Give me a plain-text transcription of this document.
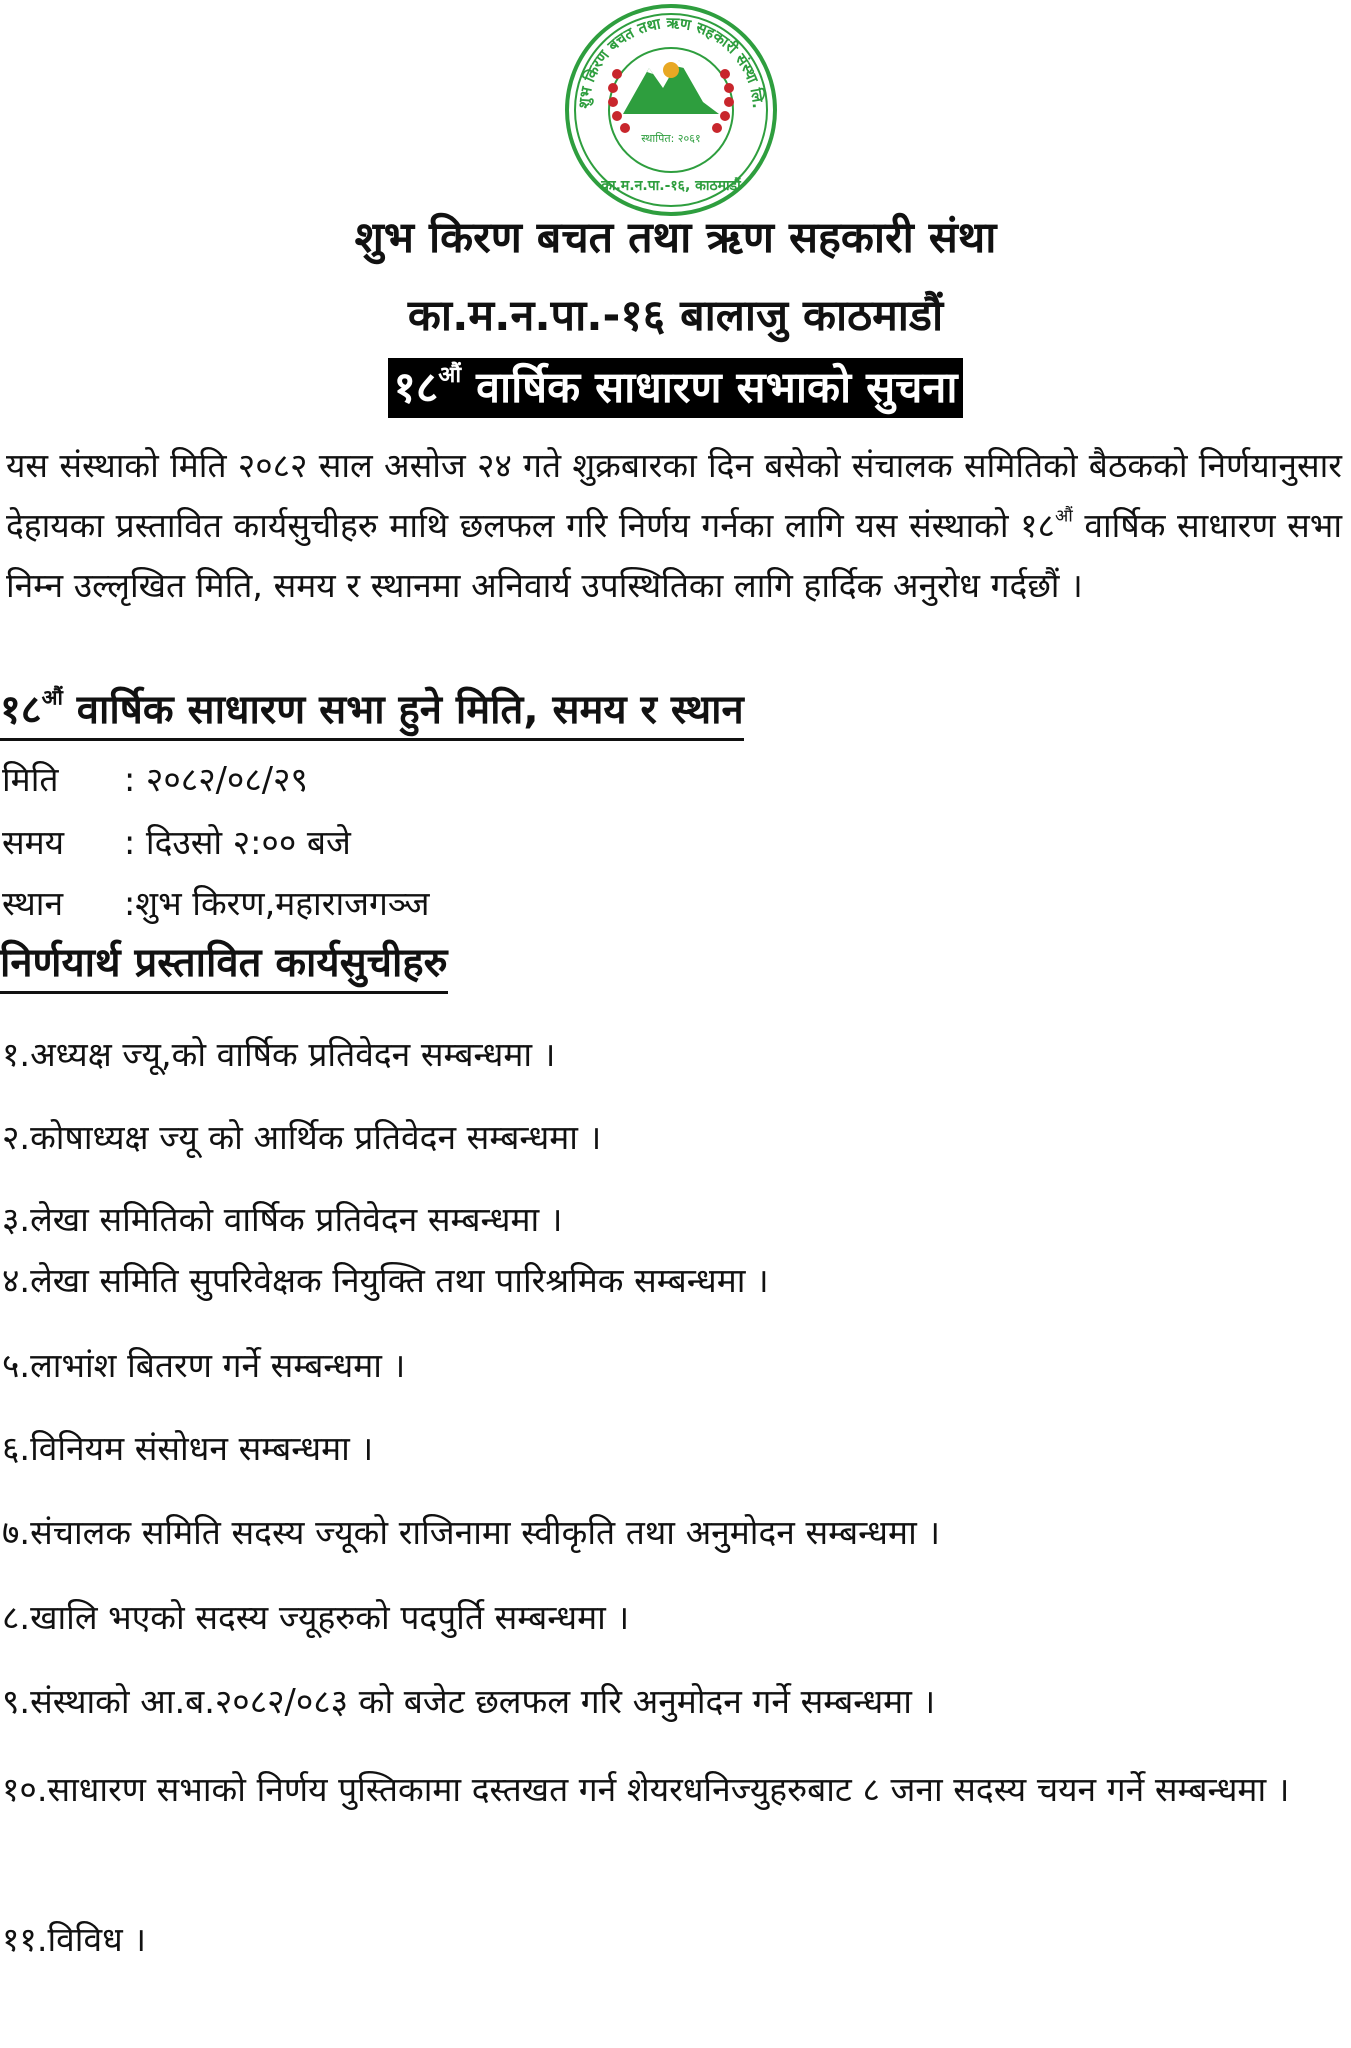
शुभ किरण बचत तथा ऋण सहकारी संस्था लि.
स्थापित: २०६१
का.म.न.पा.-१६, काठमाडौं
शुभ किरण बचत तथा ऋण सहकारी संथा
का.म.न.पा.-१६ बालाजु काठमाडौं
$१८^{औं}$ वार्षिक साधारण सभाको सुचना
यस संस्थाको मिति २०८२ साल असोज २४ गते शुक्रबारका दिन बसेको संचालक समितिको बैठकको निर्णयानुसार देहायका प्रस्तावित कार्यसुचीहरु माथि छलफल गरि निर्णय गर्नका लागि यस संस्थाको $१८^{औं}$ वार्षिक साधारण सभा निम्न उल्लृखित मिति, समय र स्थानमा अनिवार्य उपस्थितिका लागि हार्दिक अनुरोध गर्दछौं ।
$१८^{औं}$ वार्षिक साधारण सभा हुने मिति, समय र स्थान
मिति : २०८२/०८/२९
समय : दिउसो २:०० बजे
स्थान :शुभ किरण,महाराजगञ्ज
निर्णयार्थ प्रस्तावित कार्यसुचीहरु
१.अध्यक्ष ज्यू,को वार्षिक प्रतिवेदन सम्बन्धमा ।
२.कोषाध्यक्ष ज्यू को आर्थिक प्रतिवेदन सम्बन्धमा ।
३.लेखा समितिको वार्षिक प्रतिवेदन सम्बन्धमा ।
४.लेखा समिति सुपरिवेक्षक नियुक्ति तथा पारिश्रमिक सम्बन्धमा ।
५.लाभांश बितरण गर्ने सम्बन्धमा ।
६.विनियम संसोधन सम्बन्धमा ।
७.संचालक समिति सदस्य ज्यूको राजिनामा स्वीकृति तथा अनुमोदन सम्बन्धमा ।
८.खालि भएको सदस्य ज्यूहरुको पदपुर्ति सम्बन्धमा ।
९.संस्थाको आ.ब.२०८२/०८३ को बजेट छलफल गरि अनुमोदन गर्ने सम्बन्धमा ।
१०.साधारण सभाको निर्णय पुस्तिकामा दस्तखत गर्न शेयरधनिज्युहरुबाट ८ जना सदस्य चयन गर्ने सम्बन्धमा ।
११.विविध ।
